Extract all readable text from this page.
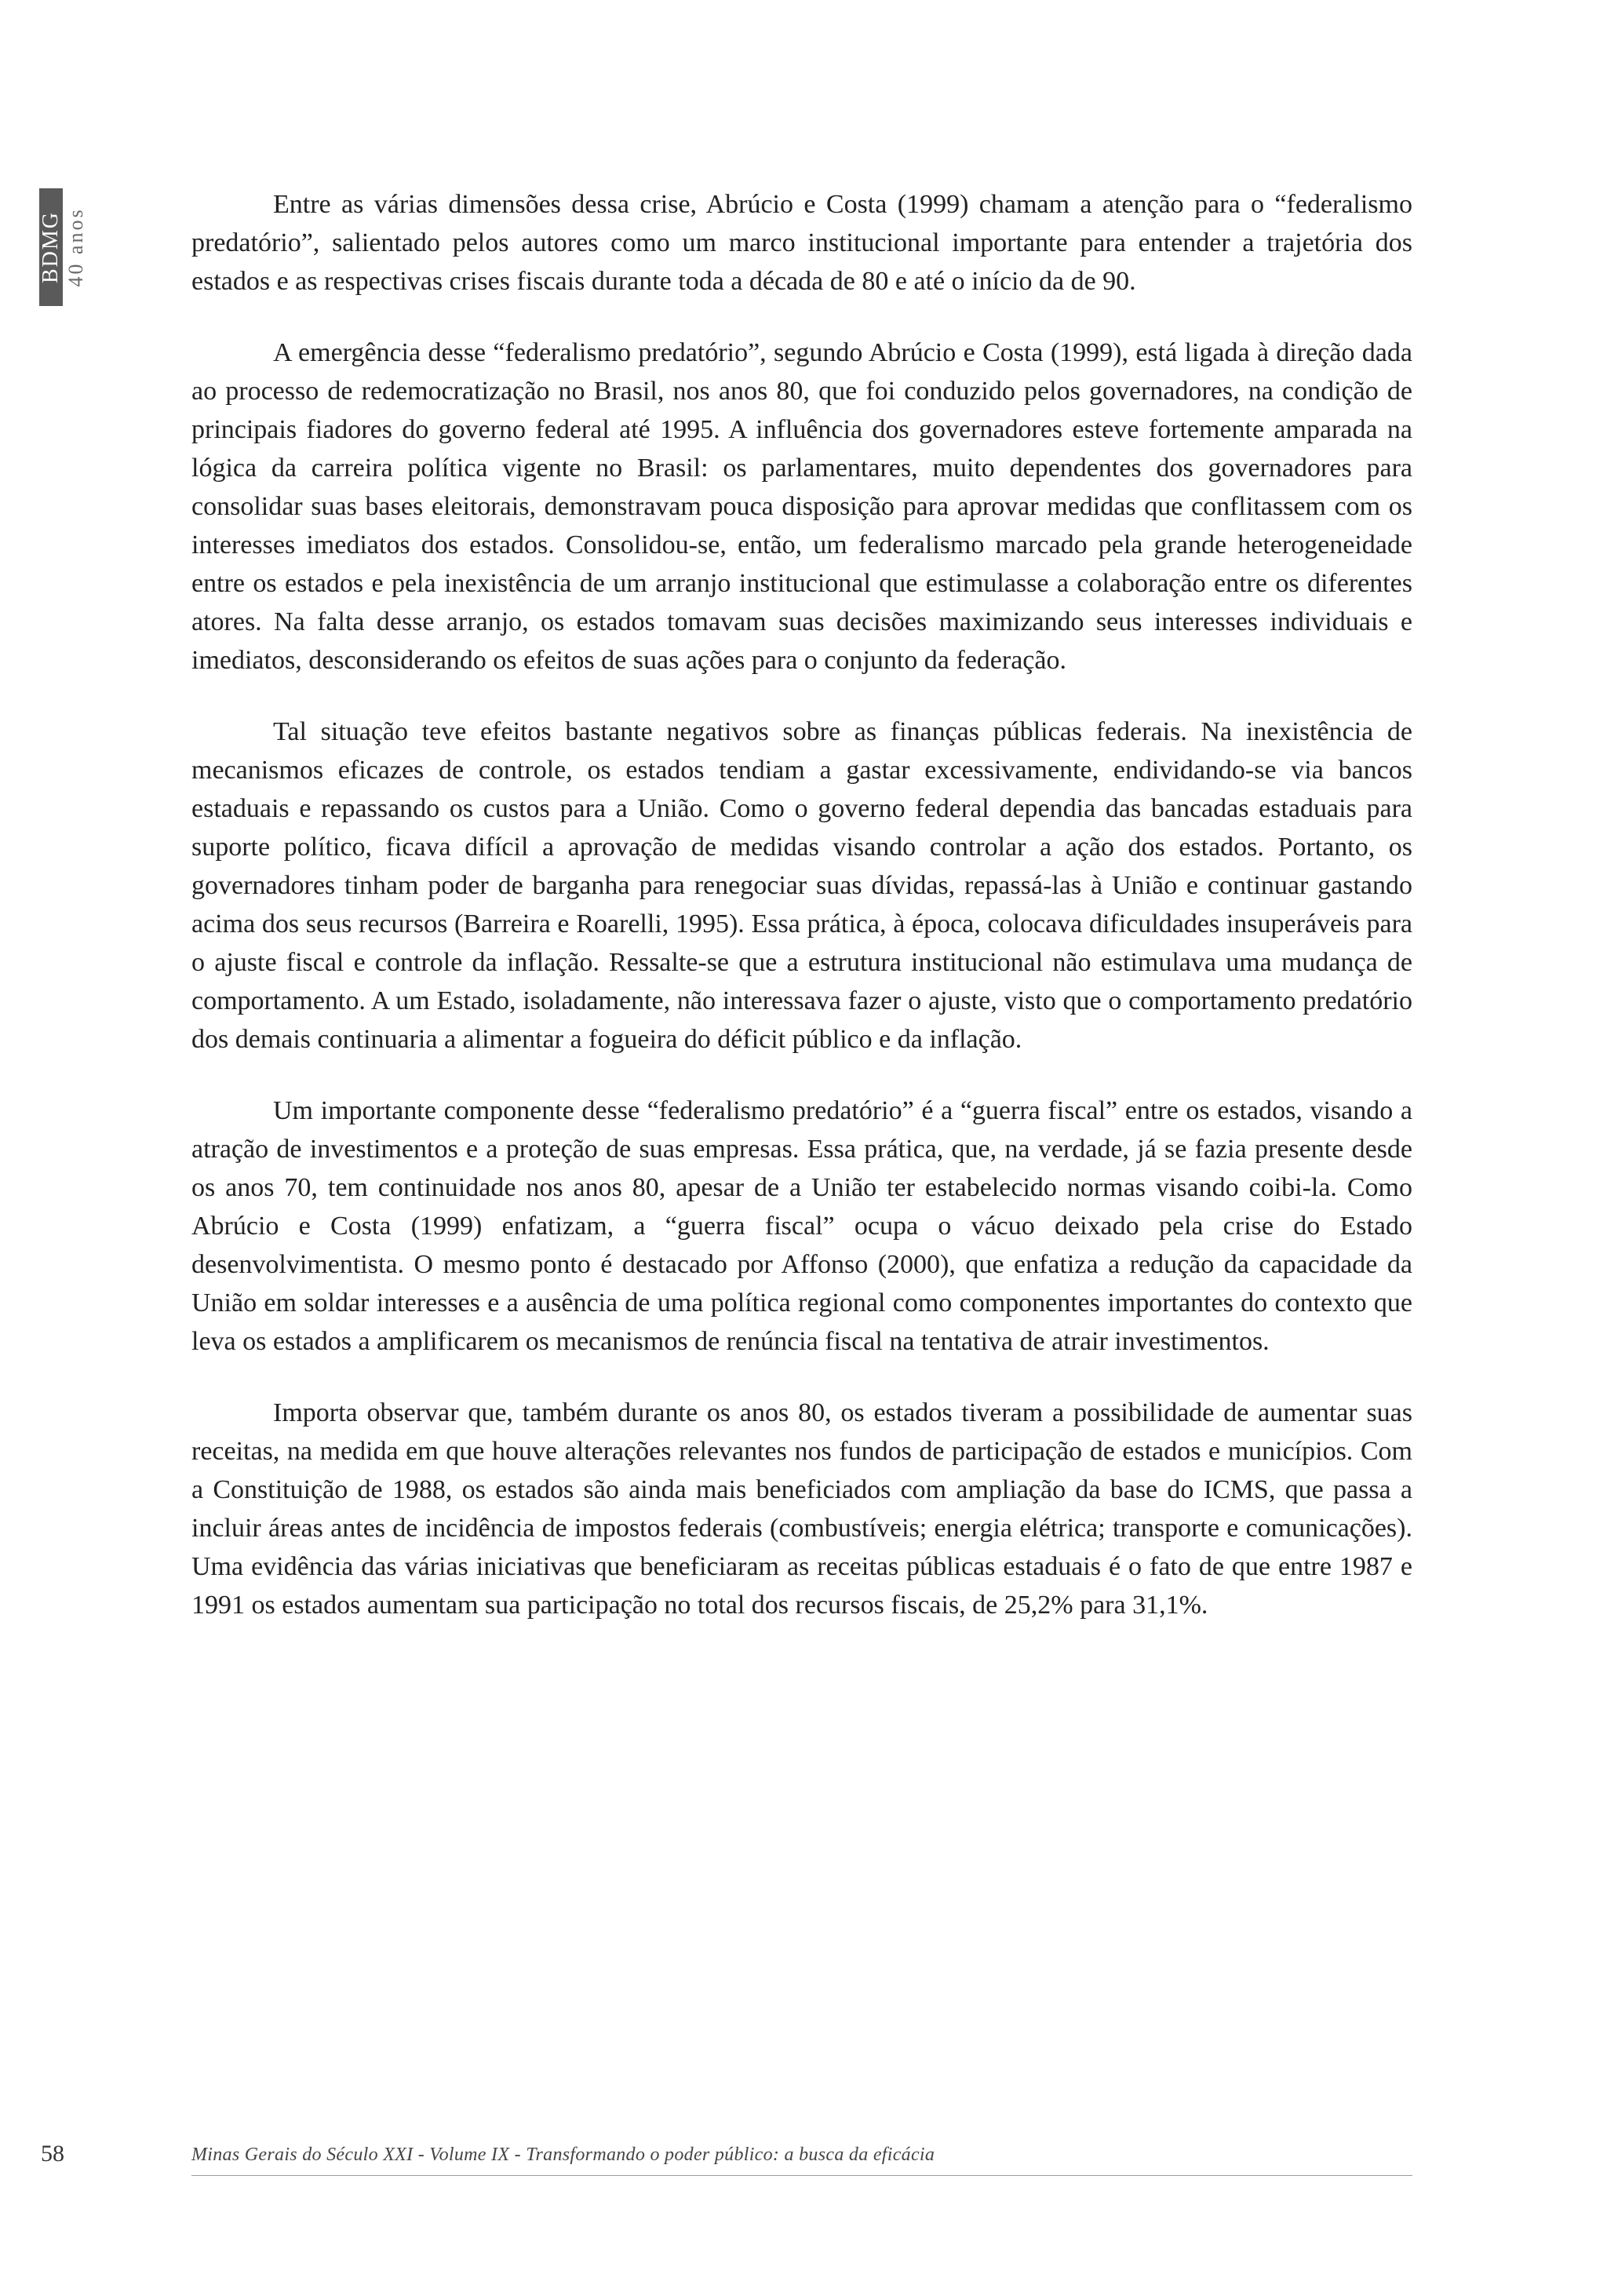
BDMG 40 anos

Entre as várias dimensões dessa crise, Abrúcio e Costa (1999) chamam a atenção para o “federalismo predatório”, salientado pelos autores como um marco institucional importante para entender a trajetória dos estados e as respectivas crises fiscais durante toda a década de 80 e até o início da de 90.

A emergência desse “federalismo predatório”, segundo Abrúcio e Costa (1999), está ligada à direção dada ao processo de redemocratização no Brasil, nos anos 80, que foi conduzido pelos governadores, na condição de principais fiadores do governo federal até 1995. A influência dos governadores esteve fortemente amparada na lógica da carreira política vigente no Brasil: os parlamentares, muito dependentes dos governadores para consolidar suas bases eleitorais, demonstravam pouca disposição para aprovar medidas que conflitassem com os interesses imediatos dos estados. Consolidou-se, então, um federalismo marcado pela grande heterogeneidade entre os estados e pela inexistência de um arranjo institucional que estimulasse a colaboração entre os diferentes atores. Na falta desse arranjo, os estados tomavam suas decisões maximizando seus interesses individuais e imediatos, desconsiderando os efeitos de suas ações para o conjunto da federação.

Tal situação teve efeitos bastante negativos sobre as finanças públicas federais. Na inexistência de mecanismos eficazes de controle, os estados tendiam a gastar excessivamente, endividando-se via bancos estaduais e repassando os custos para a União. Como o governo federal dependia das bancadas estaduais para suporte político, ficava difícil a aprovação de medidas visando controlar a ação dos estados. Portanto, os governadores tinham poder de barganha para renegociar suas dívidas, repassá-las à União e continuar gastando acima dos seus recursos (Barreira e Roarelli, 1995). Essa prática, à época, colocava dificuldades insuperáveis para o ajuste fiscal e controle da inflação. Ressalte-se que a estrutura institucional não estimulava uma mudança de comportamento. A um Estado, isoladamente, não interessava fazer o ajuste, visto que o comportamento predatório dos demais continuaria a alimentar a fogueira do déficit público e da inflação.

Um importante componente desse “federalismo predatório” é a “guerra fiscal” entre os estados, visando a atração de investimentos e a proteção de suas empresas. Essa prática, que, na verdade, já se fazia presente desde os anos 70, tem continuidade nos anos 80, apesar de a União ter estabelecido normas visando coibi-la. Como Abrúcio e Costa (1999) enfatizam, a “guerra fiscal” ocupa o vácuo deixado pela crise do Estado desenvolvimentista. O mesmo ponto é destacado por Affonso (2000), que enfatiza a redução da capacidade da União em soldar interesses e a ausência de uma política regional como componentes importantes do contexto que leva os estados a amplificarem os mecanismos de renúncia fiscal na tentativa de atrair investimentos.

Importa observar que, também durante os anos 80, os estados tiveram a possibilidade de aumentar suas receitas, na medida em que houve alterações relevantes nos fundos de participação de estados e municípios. Com a Constituição de 1988, os estados são ainda mais beneficiados com ampliação da base do ICMS, que passa a incluir áreas antes de incidência de impostos federais (combustíveis; energia elétrica; transporte e comunicações). Uma evidência das várias iniciativas que beneficiaram as receitas públicas estaduais é o fato de que entre 1987 e 1991 os estados aumentam sua participação no total dos recursos fiscais, de 25,2% para 31,1%.

58	Minas Gerais do Século XXI - Volume IX - Transformando o poder público: a busca da eficácia
